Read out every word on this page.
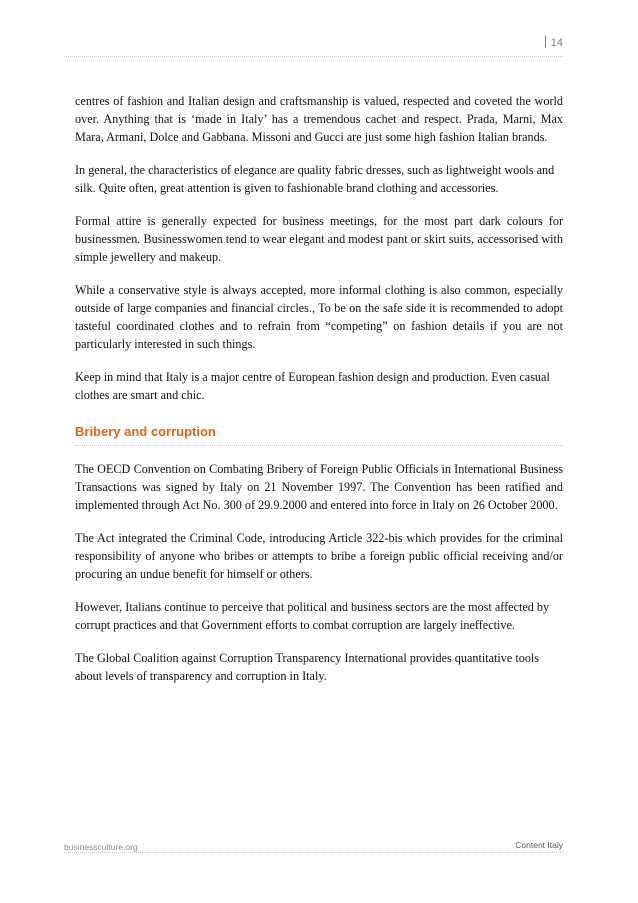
14

centres of fashion and Italian design and craftsmanship is valued, respected and coveted the world over. Anything that is ‘made in Italy’ has a tremendous cachet and respect. Prada, Marni, Max Mara, Armani, Dolce and Gabbana. Missoni and Gucci are just some high fashion Italian brands.

In general, the characteristics of elegance are quality fabric dresses, such as lightweight wools and silk. Quite often, great attention is given to fashionable brand clothing and accessories.

Formal attire is generally expected for business meetings, for the most part dark colours for businessmen. Businesswomen tend to wear elegant and modest pant or skirt suits, accessorised with simple jewellery and makeup.

While a conservative style is always accepted, more informal clothing is also common, especially outside of large companies and financial circles., To be on the safe side it is recommended to adopt tasteful coordinated clothes and to refrain from “competing” on fashion details if you are not particularly interested in such things.

Keep in mind that Italy is a major centre of European fashion design and production. Even casual clothes are smart and chic.

Bribery and corruption

The OECD Convention on Combating Bribery of Foreign Public Officials in International Business Transactions was signed by Italy on 21 November 1997. The Convention has been ratified and implemented through Act No. 300 of 29.9.2000 and entered into force in Italy on 26 October 2000.

The Act integrated the Criminal Code, introducing Article 322-bis which provides for the criminal responsibility of anyone who bribes or attempts to bribe a foreign public official receiving and/or procuring an undue benefit for himself or others.

However, Italians continue to perceive that political and business sectors are the most affected by corrupt practices and that Government efforts to combat corruption are largely ineffective.

The Global Coalition against Corruption Transparency International provides quantitative tools about levels of transparency and corruption in Italy.

businessculture.org	Content Italy
